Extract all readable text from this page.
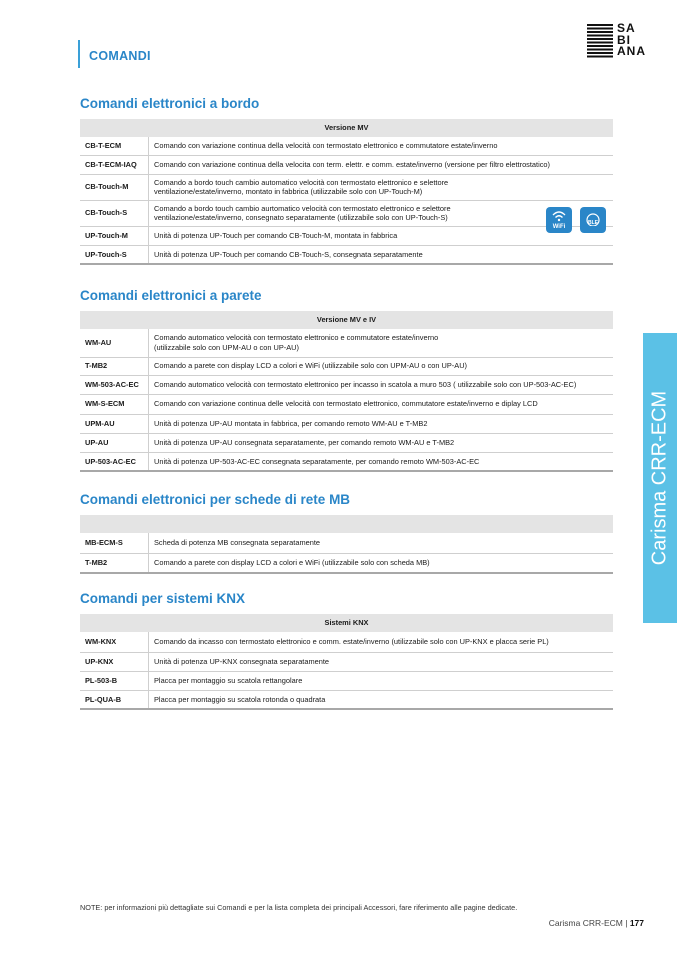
COMANDI
SA
BI
ANA
Comandi elettronici a bordo
Versione MV	
CB-T-ECM	Comando con variazione continua della velocità con termostato elettronico e commutatore estate/inverno
CB-T-ECM-IAQ	Comando con variazione continua della velocita con term. elettr. e comm. estate/inverno (versione per filtro elettrostatico)
CB-Touch-M	Comando a bordo touch cambio automatico velocità con termostato elettronico e selettore
ventilazione/estate/inverno, montato in fabbrica (utilizzabile solo con UP-Touch-M)
CB-Touch-S	Comando a bordo touch cambio aurtomatico velocità con termostato elettronico e selettore
ventilazione/estate/inverno, consegnato separatamente (utilizzabile solo con UP-Touch-S)
UP-Touch-M	Unità di potenza UP-Touch per comando CB-Touch-M, montata in fabbrica
UP-Touch-S	Unità di potenza UP-Touch per comando CB-Touch-S, consegnata separatamente
WiFi
BLE
Comandi elettronici a parete
Versione MV e IV	
WM-AU	Comando automatico velocità con termostato elettronico e commutatore estate/inverno
(utilizzabile solo con UPM-AU o con UP-AU)
T-MB2	Comando a parete con display LCD a colori e WiFi (utilizzabile solo con UPM-AU o con UP-AU)
WM-503-AC-EC	Comando automatico velocità con termostato elettronico per incasso in scatola a muro 503 ( utilizzabile solo con UP-503-AC-EC)
WM-S-ECM	Comando con variazione continua delle velocità con termostato elettronico, commutatore estate/inverno e diplay LCD
UPM-AU	Unità di potenza UP-AU montata in fabbrica, per comando remoto WM-AU e T-MB2
UP-AU	Unità di potenza UP-AU consegnata separatamente, per comando remoto WM-AU e T-MB2
UP-503-AC-EC	Unità di potenza UP-503-AC-EC consegnata separatamente, per comando remoto WM-503-AC-EC
Comandi elettronici per schede di rete MB

MB-ECM-S	Scheda di potenza MB consegnata separatamente
T-MB2	Comando a parete con display LCD a colori e WiFi (utilizzabile solo con scheda MB)
Comandi per sistemi KNX
Sistemi KNX	
WM-KNX	Comando da incasso con termostato elettronico e comm. estate/inverno (utilizzabile solo con UP-KNX e placca serie PL)
UP-KNX	Unità di potenza UP-KNX consegnata separatamente
PL-503-B	Placca per montaggio su scatola rettangolare
PL-QUA-B	Placca per montaggio su scatola rotonda o quadrata
Carisma CRR-ECM
NOTE: per informazioni più dettagliate sui Comandi e per la lista completa dei principali Accessori, fare riferimento alle pagine dedicate.
Carisma CRR-ECM | 177
